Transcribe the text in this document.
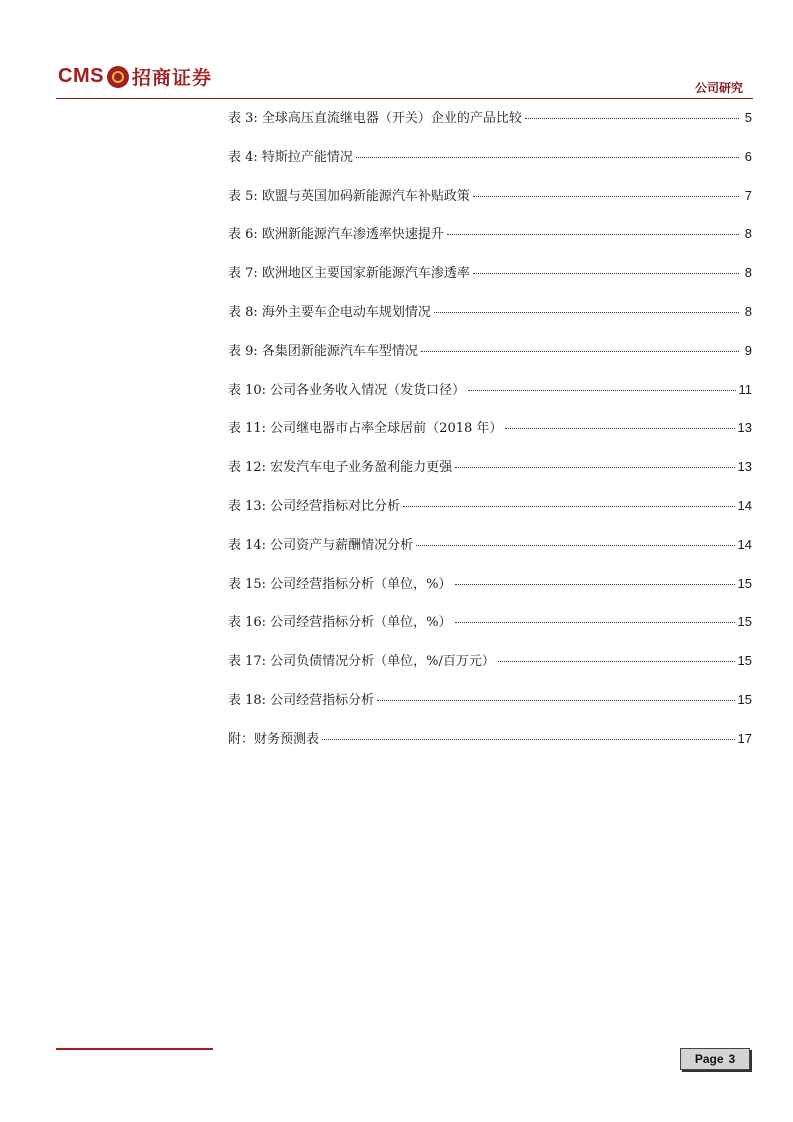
CMS 招商证券	公司研究
表 3: 全球高压直流继电器（开关）企业的产品比较	5
表 4: 特斯拉产能情况	6
表 5: 欧盟与英国加码新能源汽车补贴政策	7
表 6: 欧洲新能源汽车渗透率快速提升	8
表 7: 欧洲地区主要国家新能源汽车渗透率	8
表 8: 海外主要车企电动车规划情况	8
表 9: 各集团新能源汽车车型情况	9
表 10: 公司各业务收入情况（发货口径）	11
表 11: 公司继电器市占率全球居前（2018 年）	13
表 12: 宏发汽车电子业务盈利能力更强	13
表 13: 公司经营指标对比分析	14
表 14: 公司资产与薪酬情况分析	14
表 15: 公司经营指标分析（单位，%）	15
表 16: 公司经营指标分析（单位，%）	15
表 17: 公司负债情况分析（单位，%/百万元）	15
表 18: 公司经营指标分析	15
附：财务预测表	17
Page 3
